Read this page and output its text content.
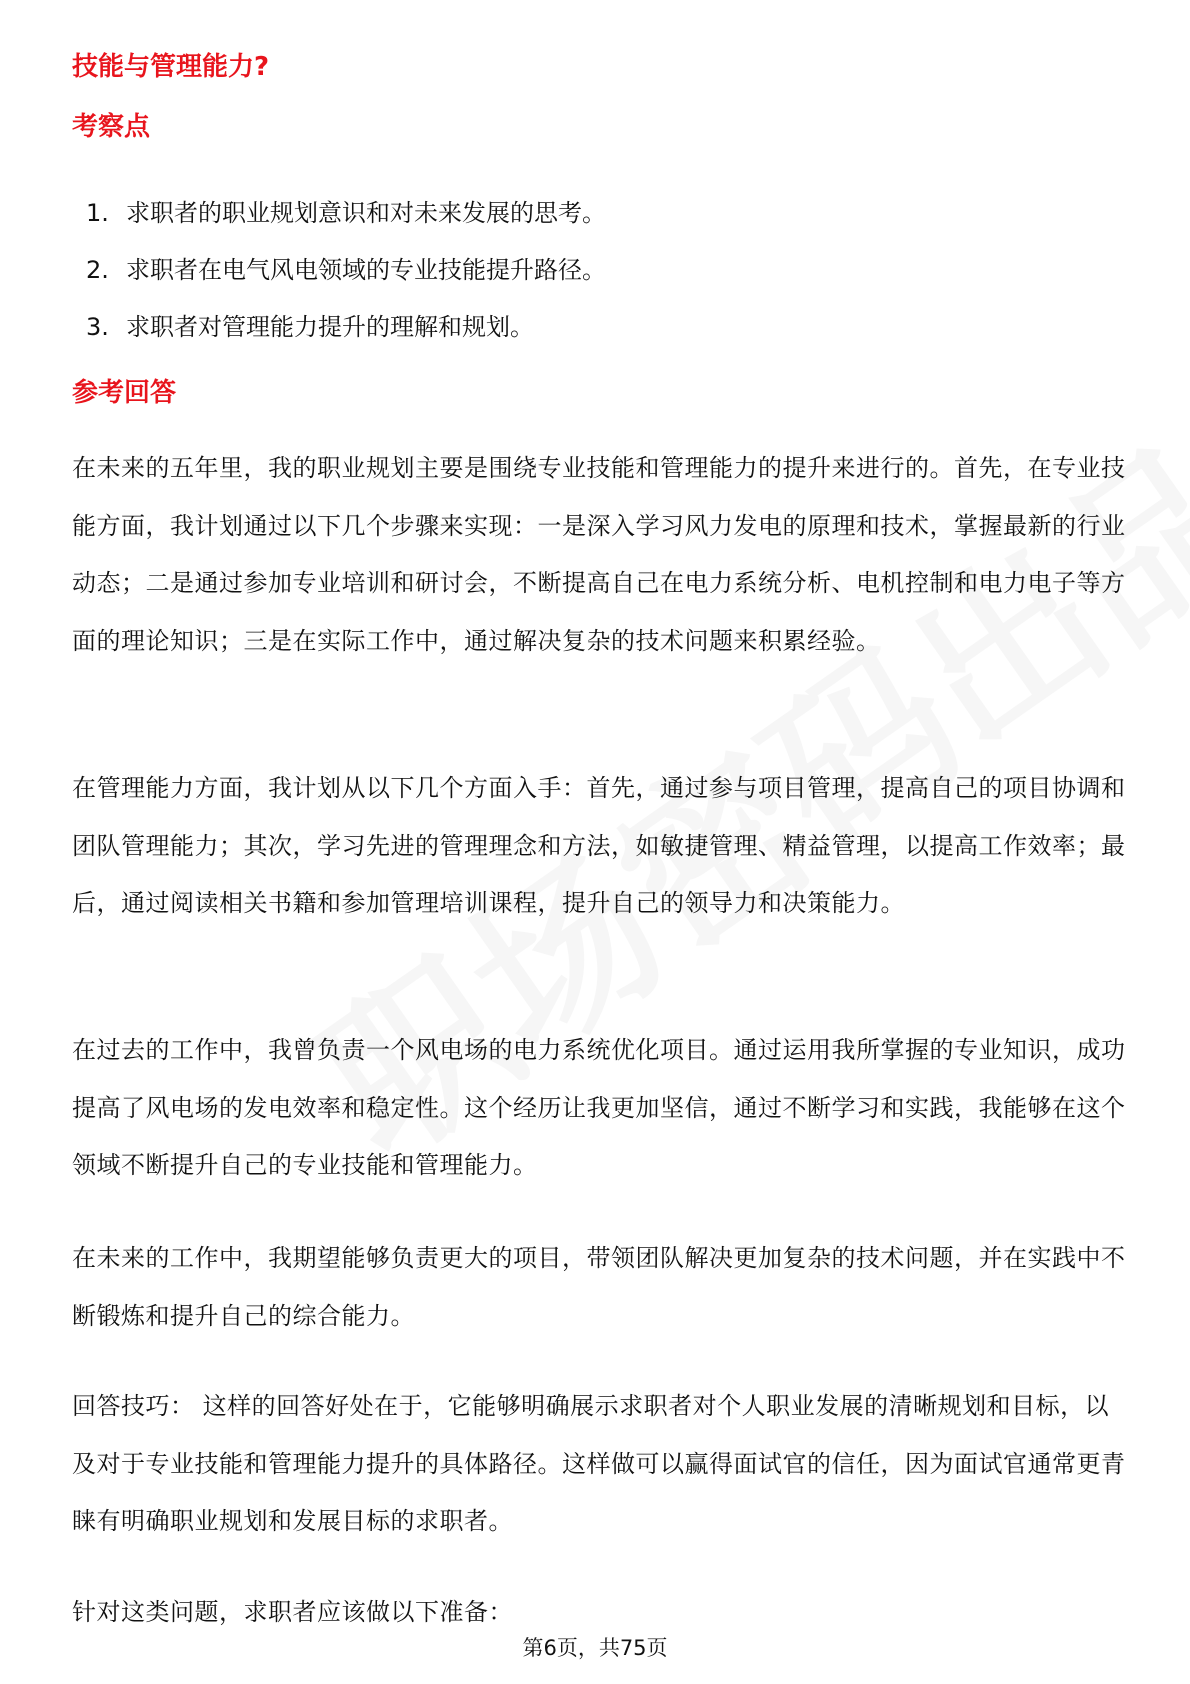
技能与管理能力?
考察点
1. 求职者的职业规划意识和对未来发展的思考。
2. 求职者在电气风电领域的专业技能提升路径。
3. 求职者对管理能力提升的理解和规划。
参考回答

在未来的五年里，我的职业规划主要是围绕专业技能和管理能力的提升来进行的。首先，在专业技能方面，我计划通过以下几个步骤来实现：一是深入学习风力发电的原理和技术，掌握最新的行业动态；二是通过参加专业培训和研讨会，不断提高自己在电力系统分析、电机控制和电力电子等方面的理论知识；三是在实际工作中，通过解决复杂的技术问题来积累经验。

在管理能力方面，我计划从以下几个方面入手：首先，通过参与项目管理，提高自己的项目协调和团队管理能力；其次，学习先进的管理理念和方法，如敏捷管理、精益管理，以提高工作效率；最后，通过阅读相关书籍和参加管理培训课程，提升自己的领导力和决策能力。

在过去的工作中，我曾负责一个风电场的电力系统优化项目。通过运用我所掌握的专业知识，成功提高了风电场的发电效率和稳定性。这个经历让我更加坚信，通过不断学习和实践，我能够在这个领域不断提升自己的专业技能和管理能力。

在未来的工作中，我期望能够负责更大的项目，带领团队解决更加复杂的技术问题，并在实践中不断锻炼和提升自己的综合能力。

回答技巧： 这样的回答好处在于，它能够明确展示求职者对个人职业发展的清晰规划和目标，以及对于专业技能和管理能力提升的具体路径。这样做可以赢得面试官的信任，因为面试官通常更青睐有明确职业规划和发展目标的求职者。

针对这类问题，求职者应该做以下准备：

第6页，共75页
